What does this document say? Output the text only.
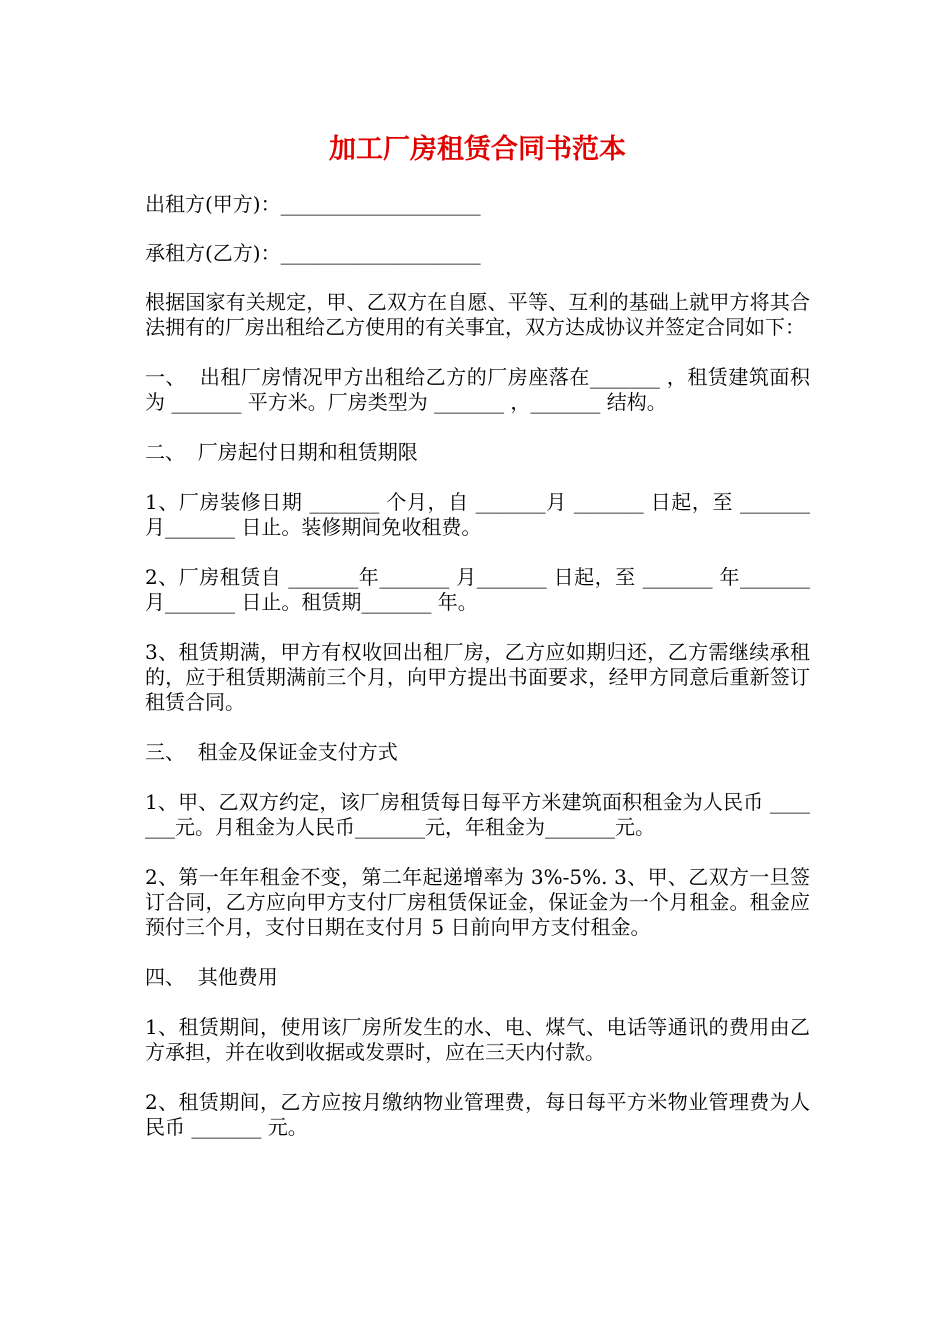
加工厂房租赁合同书范本
出租方(甲方)：____________________
承租方(乙方)：____________________
根据国家有关规定，甲、乙双方在自愿、平等、互利的基础上就甲方将其合法拥有的厂房出租给乙方使用的有关事宜，双方达成协议并签定合同如下：
一、  出租厂房情况甲方出租给乙方的厂房座落在_______ ，租赁建筑面积为 _______ 平方米。厂房类型为 _______ ，_______ 结构。
二、  厂房起付日期和租赁期限
1、厂房装修日期 _______ 个月，自 _______月 _______ 日起，至 _______ 月_______ 日止。装修期间免收租费。
2、厂房租赁自 _______年_______ 月_______ 日起，至 _______ 年_______ 月_______ 日止。租赁期_______ 年。
3、租赁期满，甲方有权收回出租厂房，乙方应如期归还，乙方需继续承租的，应于租赁期满前三个月，向甲方提出书面要求，经甲方同意后重新签订租赁合同。
三、  租金及保证金支付方式
1、甲、乙双方约定，该厂房租赁每日每平方米建筑面积租金为人民币 _______元。月租金为人民币_______元，年租金为_______元。
2、第一年年租金不变，第二年起递增率为 3%-5%. 3、甲、乙双方一旦签订合同，乙方应向甲方支付厂房租赁保证金，保证金为一个月租金。租金应预付三个月，支付日期在支付月 5 日前向甲方支付租金。
四、  其他费用
1、租赁期间，使用该厂房所发生的水、电、煤气、电话等通讯的费用由乙方承担，并在收到收据或发票时，应在三天内付款。
2、租赁期间，乙方应按月缴纳物业管理费，每日每平方米物业管理费为人民币 _______ 元。
